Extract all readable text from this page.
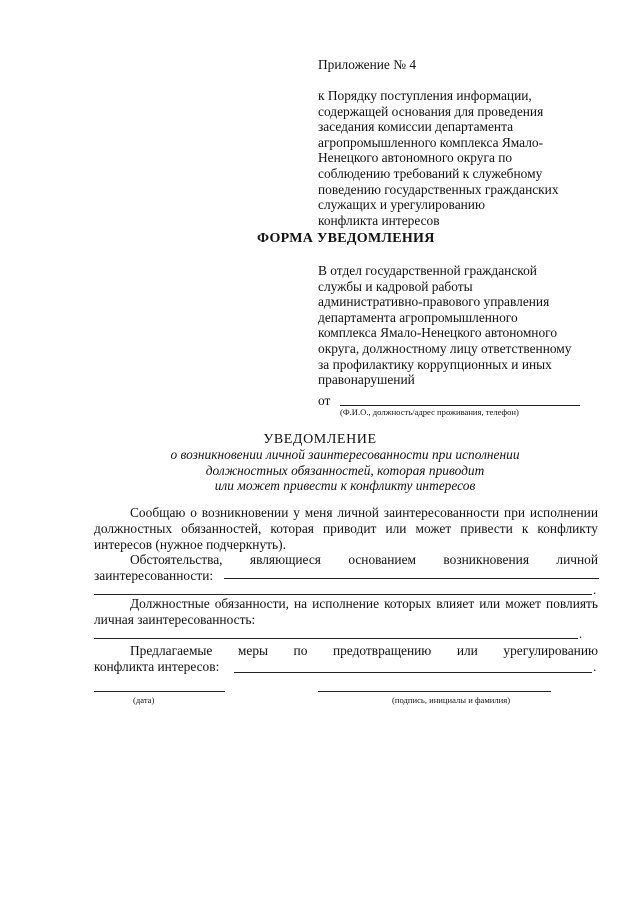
Приложение № 4
к Порядку поступления информации,
содержащей основания для проведения
заседания комиссии департамента
агропромышленного комплекса Ямало-
Ненецкого автономного округа по
соблюдению требований к служебному
поведению государственных гражданских
служащих и урегулированию
конфликта интересов
ФОРМА УВЕДОМЛЕНИЯ
В отдел государственной гражданской
службы и кадровой работы
административно-правового управления
департамента агропромышленного
комплекса Ямало-Ненецкого автономного
округа, должностному лицу ответственному
за профилактику коррупционных и иных
правонарушений
от
(Ф.И.О., должность/адрес проживания, телефон)
УВЕДОМЛЕНИЕ
о возникновении личной заинтересованности при исполнении
должностных обязанностей, которая приводит
или может привести к конфликту интересов
Сообщаю о возникновении у меня личной заинтересованности при исполнении должностных обязанностей, которая приводит или может привести к конфликту интересов (нужное подчеркнуть).
Обстоятельства, являющиеся основанием возникновения личной заинтересованности:
.
Должностные обязанности, на исполнение которых влияет или может повлиять личная заинтересованность:
.
Предлагаемые меры по предотвращению или урегулированию
конфликта интересов:	.
(дата)	(подпись, инициалы и фамилия)
